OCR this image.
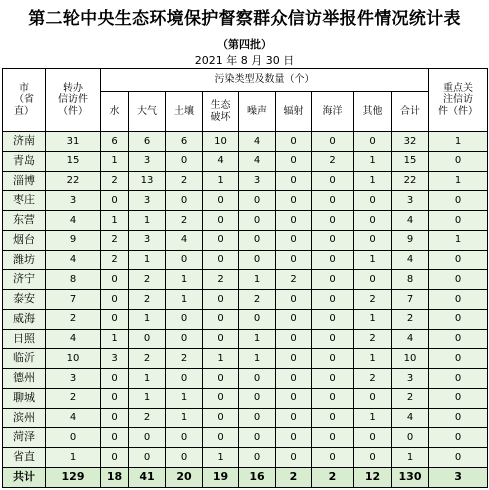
第二轮中央生态环境保护督察群众信访举报件情况统计表
（第四批）
2021 年 8 月 30 日
市
（省
直）	转办
信访件
（件）	污染类型及数量（个）									重点关
注信访
件（件）

		水	大气	土壤	生态
破坏	噪声	辐射	海洋	其他	合计	
济南	31	6	6	6	10	4	0	0	0	32	1
青岛	15	1	3	0	4	4	0	2	1	15	0
淄博	22	2	13	2	1	3	0	0	1	22	1
枣庄	3	0	3	0	0	0	0	0	0	3	0
东营	4	1	1	2	0	0	0	0	0	4	0
烟台	9	2	3	4	0	0	0	0	0	9	1
潍坊	4	2	1	0	0	0	0	0	1	4	0
济宁	8	0	2	1	2	1	2	0	0	8	0
泰安	7	0	2	1	0	2	0	0	2	7	0
威海	2	0	1	0	0	0	0	0	1	2	0
日照	4	1	0	0	0	1	0	0	2	4	0
临沂	10	3	2	2	1	1	0	0	1	10	0
德州	3	0	1	0	0	0	0	0	2	3	0
聊城	2	0	1	1	0	0	0	0	0	2	0
滨州	4	0	2	1	0	0	0	0	1	4	0
菏泽	0	0	0	0	0	0	0	0	0	0	0
省直	1	0	0	0	1	0	0	0	0	1	0
共计	129	18	41	20	19	16	2	2	12	130	3
